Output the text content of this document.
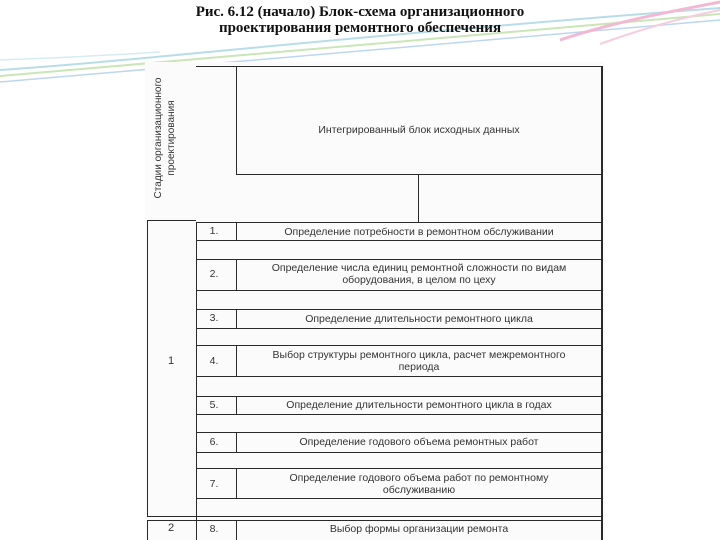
Рис. 6.12 (начало) Блок-схема организационного
проектирования ремонтного обеспечения
Стадии организационного проектирования	Интегрированный блок исходных данных
1
2
1.	Определение потребности в ремонтном обслуживании
2.	Определение числа единиц ремонтной сложности по видам
оборудования, в целом по цеху
3.	Определение длительности ремонтного цикла
4.	Выбор структуры ремонтного цикла, расчет межремонтного
периода
5.	Определение длительности ремонтного цикла в годах
6.	Определение годового объема ремонтных работ
7.	Определение годового объема работ по ремонтному
обслуживанию
8.	Выбор формы организации ремонта
